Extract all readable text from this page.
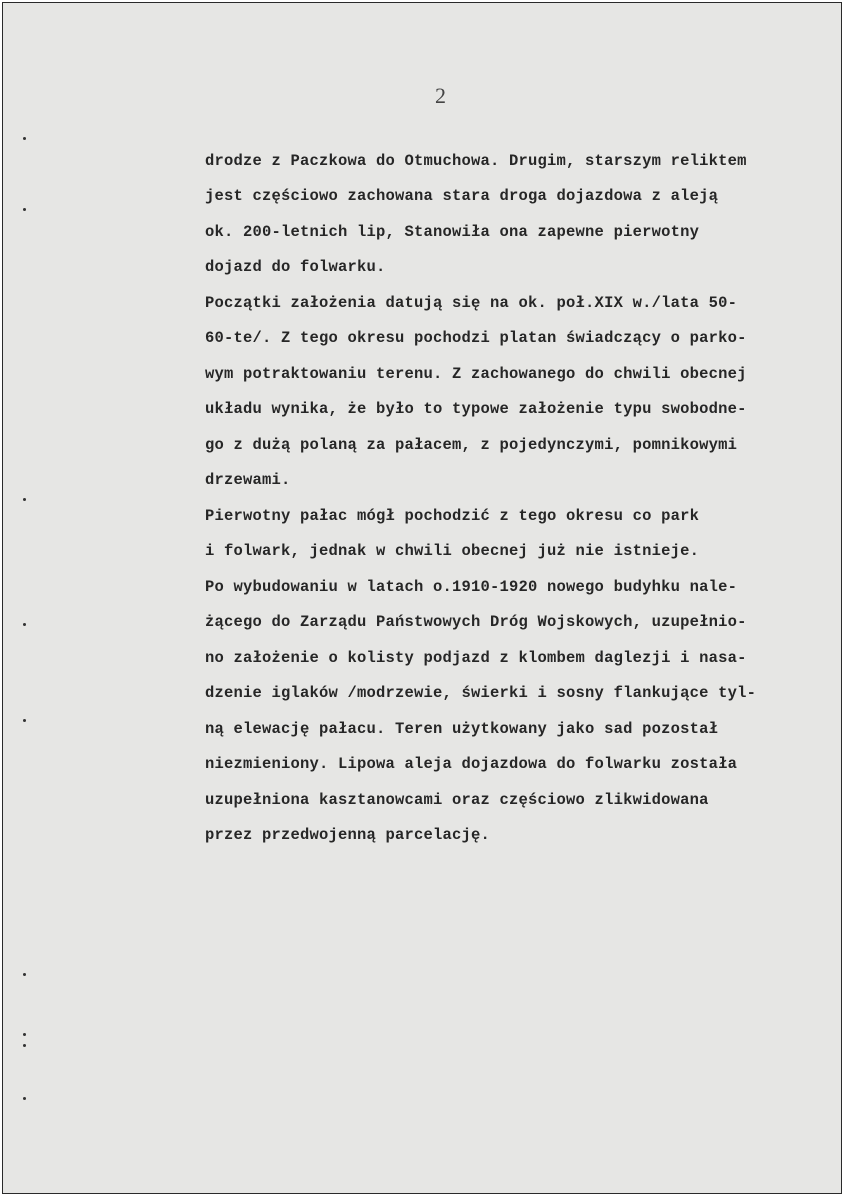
2

drodze z Paczkowa do Otmuchowa. Drugim, starszym reliktem

jest częściowo zachowana stara droga dojazdowa z aleją

ok. 200-letnich lip, Stanowiła ona zapewne pierwotny

dojazd do folwarku.

Początki założenia datują się na ok. poł.XIX w./lata 50-

60-te/. Z tego okresu pochodzi platan świadczący o parko-

wym potraktowaniu terenu. Z zachowanego do chwili obecnej

układu wynika, że było to typowe założenie typu swobodne-

go z dużą polaną za pałacem, z pojedynczymi, pomnikowymi

drzewami.

Pierwotny pałac mógł pochodzić z tego okresu co park

i folwark, jednak w chwili obecnej już nie istnieje.

Po wybudowaniu w latach o.1910-1920 nowego budyhku nale-

żącego do Zarządu Państwowych Dróg Wojskowych, uzupełnio-

no założenie o kolisty podjazd z klombem daglezji i nasa-

dzenie iglaków /modrzewie, świerki i sosny flankujące tyl-

ną elewację pałacu. Teren użytkowany jako sad pozostał

niezmieniony. Lipowa aleja dojazdowa do folwarku została

uzupełniona kasztanowcami oraz częściowo zlikwidowana

przez przedwojenną parcelację.
